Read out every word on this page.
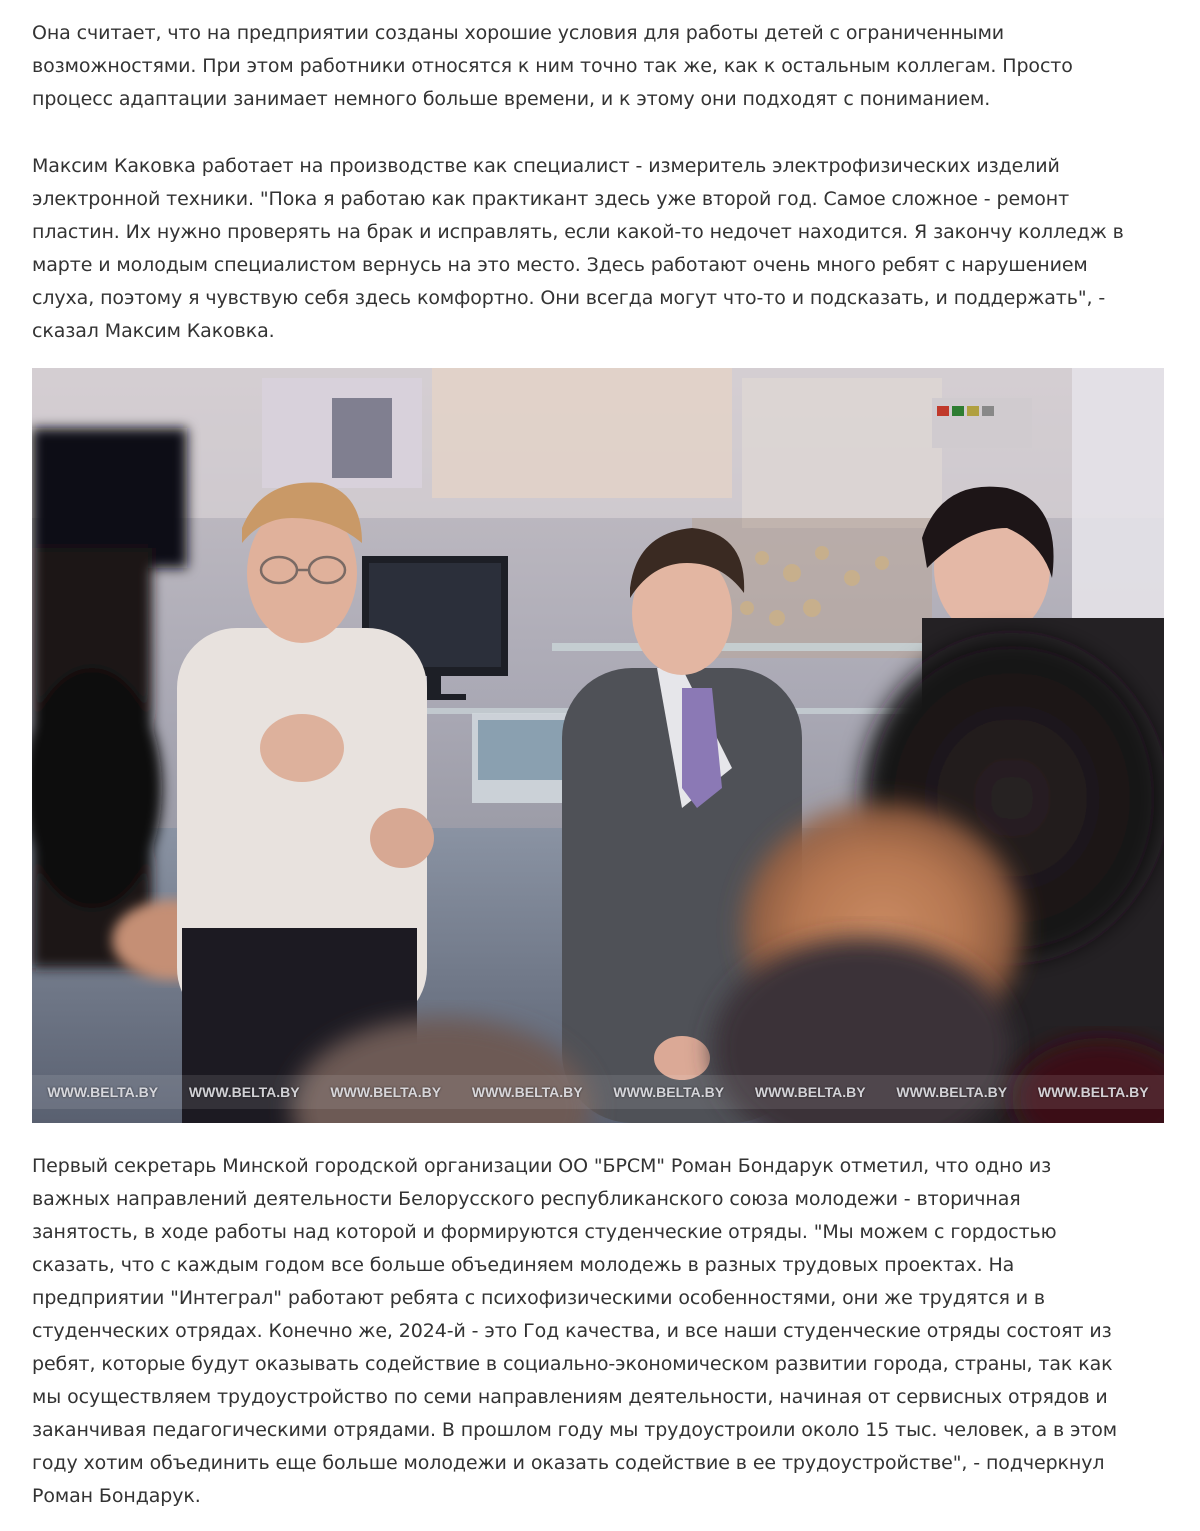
Она считает, что на предприятии созданы хорошие условия для работы детей с ограниченными
возможностями. При этом работники относятся к ним точно так же, как к остальным коллегам. Просто
процесс адаптации занимает немного больше времени, и к этому они подходят с пониманием.

Максим Каковка работает на производстве как специалист - измеритель электрофизических изделий
электронной техники. "Пока я работаю как практикант здесь уже второй год. Самое сложное - ремонт
пластин. Их нужно проверять на брак и исправлять, если какой-то недочет находится. Я закончу колледж в
марте и молодым специалистом вернусь на это место. Здесь работают очень много ребят с нарушением
слуха, поэтому я чувствую себя здесь комфортно. Они всегда могут что-то и подсказать, и поддержать", -
сказал Максим Каковка.

WWW.BELTA.BY WWW.BELTA.BY WWW.BELTA.BY WWW.BELTA.BY WWW.BELTA.BY WWW.BELTA.BY WWW.BELTA.BY WWW.BELTA.BY

Первый секретарь Минской городской организации ОО "БРСМ" Роман Бондарук отметил, что одно из
важных направлений деятельности Белорусского республиканского союза молодежи - вторичная
занятость, в ходе работы над которой и формируются студенческие отряды. "Мы можем с гордостью
сказать, что с каждым годом все больше объединяем молодежь в разных трудовых проектах. На
предприятии "Интеграл" работают ребята с психофизическими особенностями, они же трудятся и в
студенческих отрядах. Конечно же, 2024-й - это Год качества, и все наши студенческие отряды состоят из
ребят, которые будут оказывать содействие в социально-экономическом развитии города, страны, так как
мы осуществляем трудоустройство по семи направлениям деятельности, начиная от сервисных отрядов и
заканчивая педагогическими отрядами. В прошлом году мы трудоустроили около 15 тыс. человек, а в этом
году хотим объединить еще больше молодежи и оказать содействие в ее трудоустройстве", - подчеркнул
Роман Бондарук.
